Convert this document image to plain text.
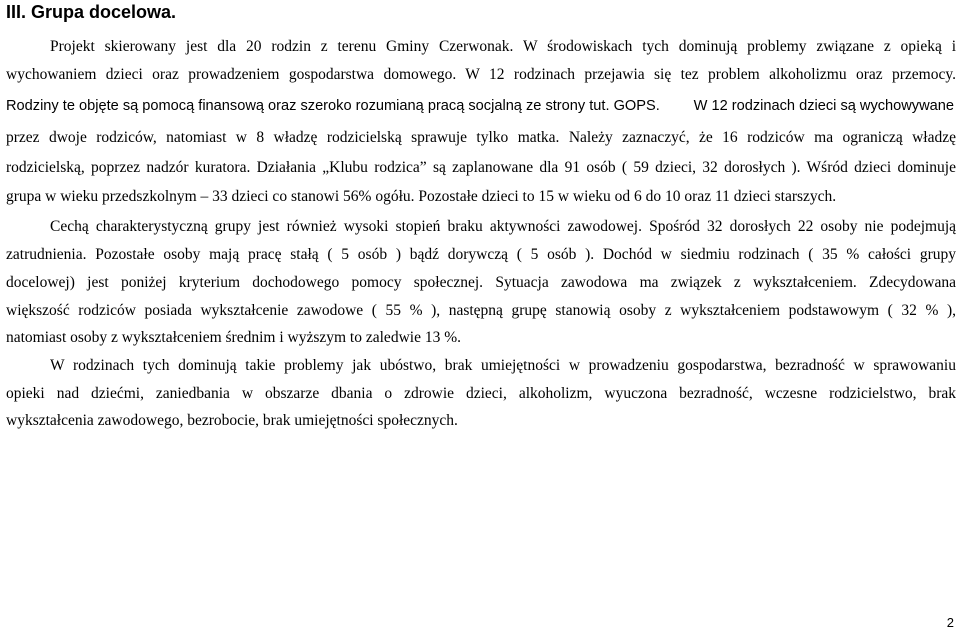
III. Grupa docelowa.
Projekt skierowany jest dla 20 rodzin z terenu Gminy Czerwonak. W środowiskach tych dominują problemy związane z opieką i
wychowaniem dzieci oraz prowadzeniem gospodarstwa domowego. W 12 rodzinach przejawia się tez problem alkoholizmu oraz przemocy.
Rodziny te objęte są pomocą finansową oraz szeroko rozumianą pracą socjalną ze strony tut. GOPS. W 12 rodzinach dzieci są wychowywane
przez dwoje rodziców, natomiast w 8 władzę rodzicielską sprawuje tylko matka. Należy zaznaczyć, że 16 rodziców ma ograniczą władzę
rodzicielską, poprzez nadzór kuratora. Działania „Klubu rodzica” są zaplanowane dla 91 osób ( 59 dzieci, 32 dorosłych ). Wśród dzieci dominuje
grupa w wieku przedszkolnym – 33 dzieci co stanowi 56% ogółu. Pozostałe dzieci to 15 w wieku od 6 do 10 oraz 11 dzieci starszych.
Cechą charakterystyczną grupy jest również wysoki stopień braku aktywności zawodowej. Spośród 32 dorosłych 22 osoby nie podejmują
zatrudnienia. Pozostałe osoby mają pracę stałą ( 5 osób ) bądź dorywczą ( 5 osób ). Dochód w siedmiu rodzinach ( 35 % całości grupy
docelowej) jest poniżej kryterium dochodowego pomocy społecznej. Sytuacja zawodowa ma związek z wykształceniem. Zdecydowana
większość rodziców posiada wykształcenie zawodowe ( 55 % ), następną grupę stanowią osoby z wykształceniem podstawowym ( 32 % ),
natomiast osoby z wykształceniem średnim i wyższym to zaledwie 13 %.
W rodzinach tych dominują takie problemy jak ubóstwo, brak umiejętności w prowadzeniu gospodarstwa, bezradność w sprawowaniu
opieki nad dziećmi, zaniedbania w obszarze dbania o zdrowie dzieci, alkoholizm, wyuczona bezradność, wczesne rodzicielstwo, brak
wykształcenia zawodowego, bezrobocie, brak umiejętności społecznych.
2
